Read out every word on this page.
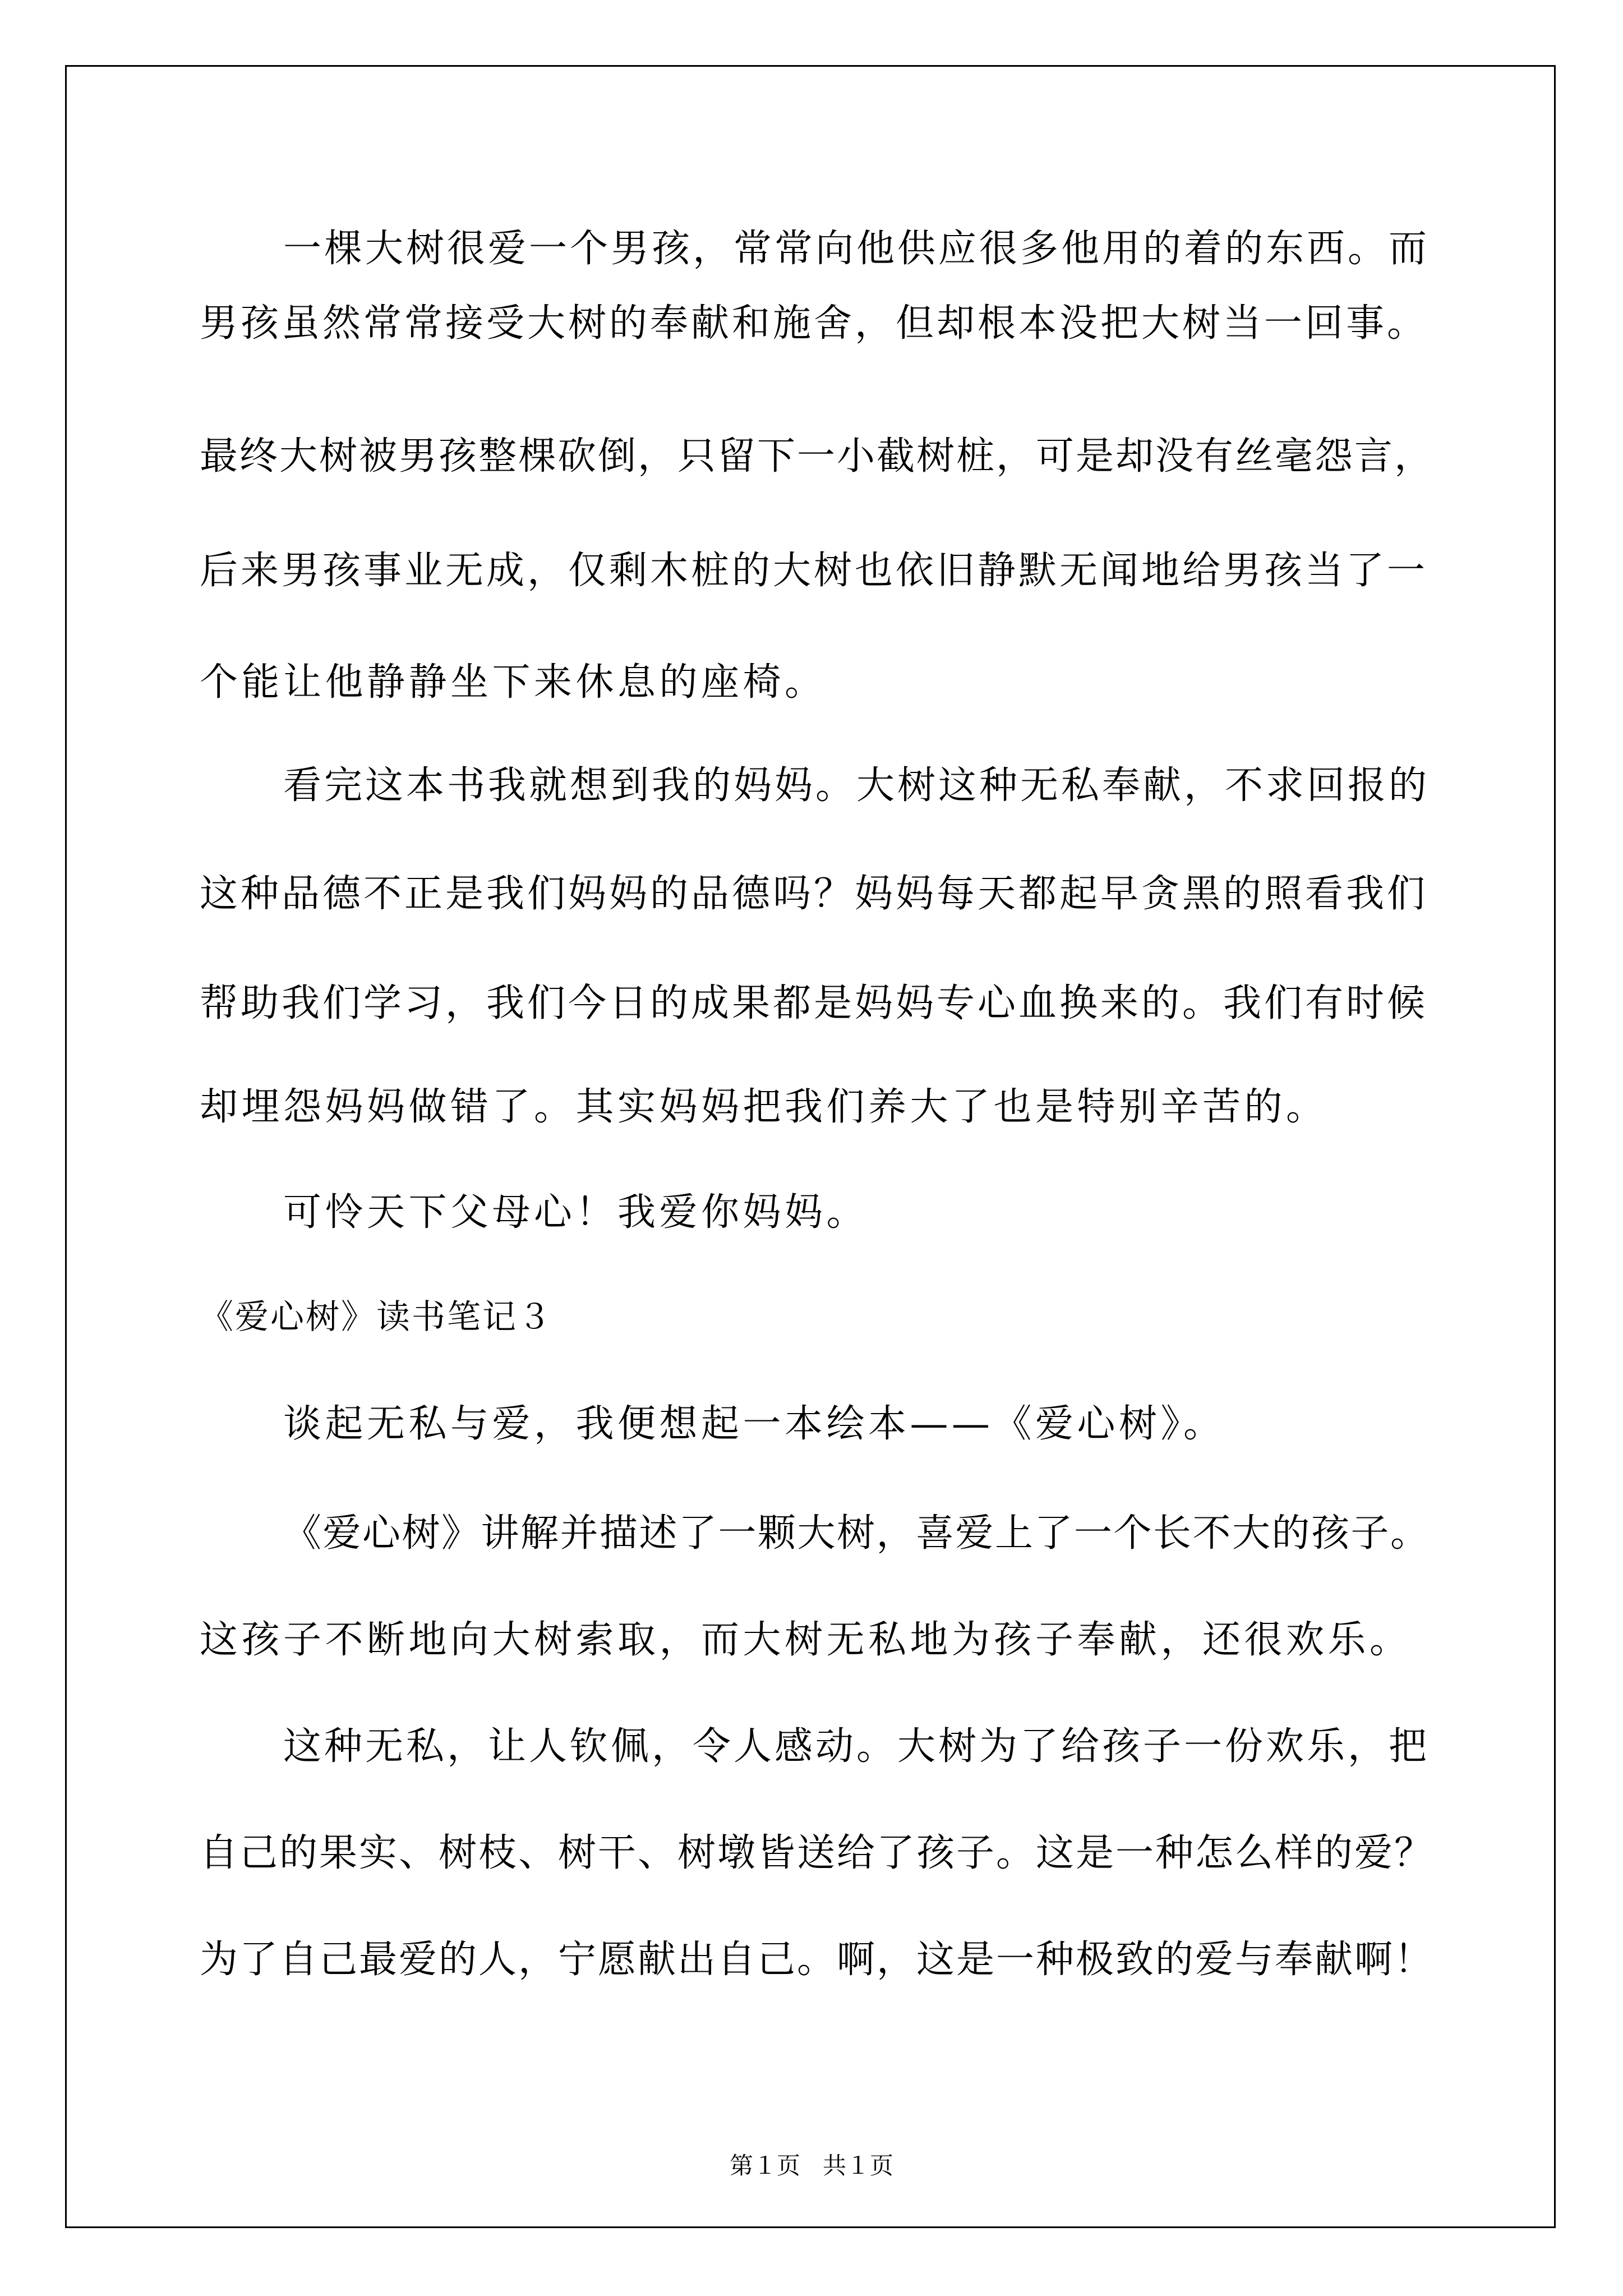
一棵大树很爱一个男孩，常常向他供应很多他用的着的东西。而
男孩虽然常常接受大树的奉献和施舍，但却根本没把大树当一回事。
最终大树被男孩整棵砍倒，只留下一小截树桩，可是却没有丝毫怨言，
后来男孩事业无成，仅剩木桩的大树也依旧静默无闻地给男孩当了一
个能让他静静坐下来休息的座椅。
看完这本书我就想到我的妈妈。大树这种无私奉献，不求回报的
这种品德不正是我们妈妈的品德吗？妈妈每天都起早贪黑的照看我们
帮助我们学习，我们今日的成果都是妈妈专心血换来的。我们有时候
却埋怨妈妈做错了。其实妈妈把我们养大了也是特别辛苦的。
可怜天下父母心！我爱你妈妈。
《爱心树》读书笔记３
谈起无私与爱，我便想起一本绘本——《爱心树》。
《爱心树》讲解并描述了一颗大树，喜爱上了一个长不大的孩子。
这孩子不断地向大树索取，而大树无私地为孩子奉献，还很欢乐。
这种无私，让人钦佩，令人感动。大树为了给孩子一份欢乐，把
自己的果实、树枝、树干、树墩皆送给了孩子。这是一种怎么样的爱？
为了自己最爱的人，宁愿献出自己。啊，这是一种极致的爱与奉献啊！
第１页   共１页
